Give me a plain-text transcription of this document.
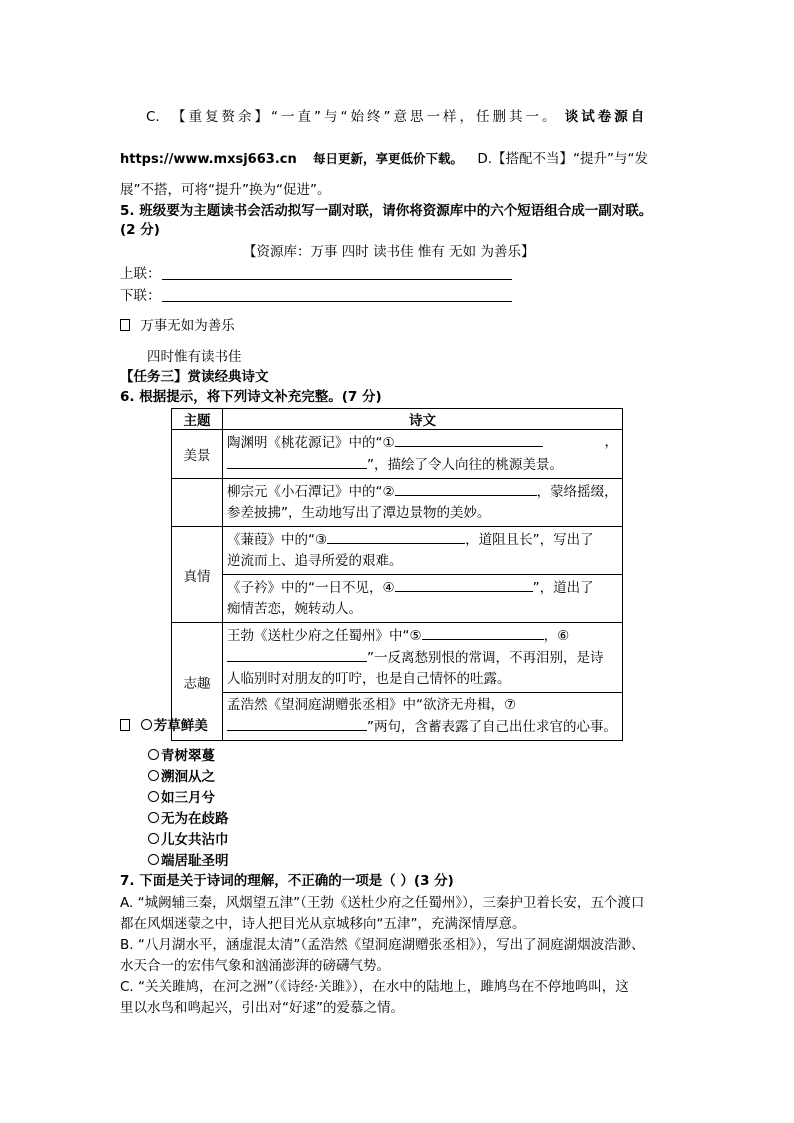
C. 【重复赘余】“一直”与“始终”意思一样，任删其一。 谈试卷源自
https://www.mxsj663.cn 每日更新，享更低价下载。 D.【搭配不当】“提升”与“发
展”不搭，可将“提升”换为“促进”。
5. 班级要为主题读书会活动拟写一副对联，请你将资源库中的六个短语组合成一副对联。
(2 分)
【资源库：万事 四时 读书佳 惟有 无如 为善乐】
上联：
下联：
万事无如为善乐
四时惟有读书佳
【任务三】赏读经典诗文
6. 根据提示，将下列诗文补充完整。(7 分)
主题	诗文
美景	陶渊明《桃花源记》中的“① ，
”，描绘了令人向往的桃源美景。

	柳宗元《小石潭记》中的“② ，蒙络摇缀，
参差披拂”，生动地写出了潭边景物的美妙。

真情	《蒹葭》中的“③ ，道阻且长”，写出了
逆流而上、追寻所爱的艰难。

	《子衿》中的“一日不见，④ ”，道出了
痴情苦恋，婉转动人。

志趣	王勃《送杜少府之任蜀州》中“⑤ ，⑥
”一反离愁别恨的常调，不再泪别，是诗
人临别时对朋友的叮咛，也是自己情怀的吐露。

	孟浩然《望洞庭湖赠张丞相》中“欲济无舟楫，⑦
”两句，含蓄表露了自己出仕求官的心事。
芳草鲜美
青树翠蔓
溯洄从之
如三月兮
无为在歧路
儿女共沾巾
端居耻圣明
7. 下面是关于诗词的理解，不正确的一项是（ ）(3 分)
A. “城阙辅三秦，风烟望五津”（王勃《送杜少府之任蜀州》），三秦护卫着长安，五个渡口
都在风烟迷蒙之中，诗人把目光从京城移向“五津”，充满深情厚意。
B. “八月湖水平，涵虚混太清”（孟浩然《望洞庭湖赠张丞相》），写出了洞庭湖烟波浩渺、
水天合一的宏伟气象和汹涌澎湃的磅礴气势。
C. “关关雎鸠，在河之洲”（《诗经·关雎》），在水中的陆地上，雎鸠鸟在不停地鸣叫，这
里以水鸟和鸣起兴，引出对“好逑”的爱慕之情。
